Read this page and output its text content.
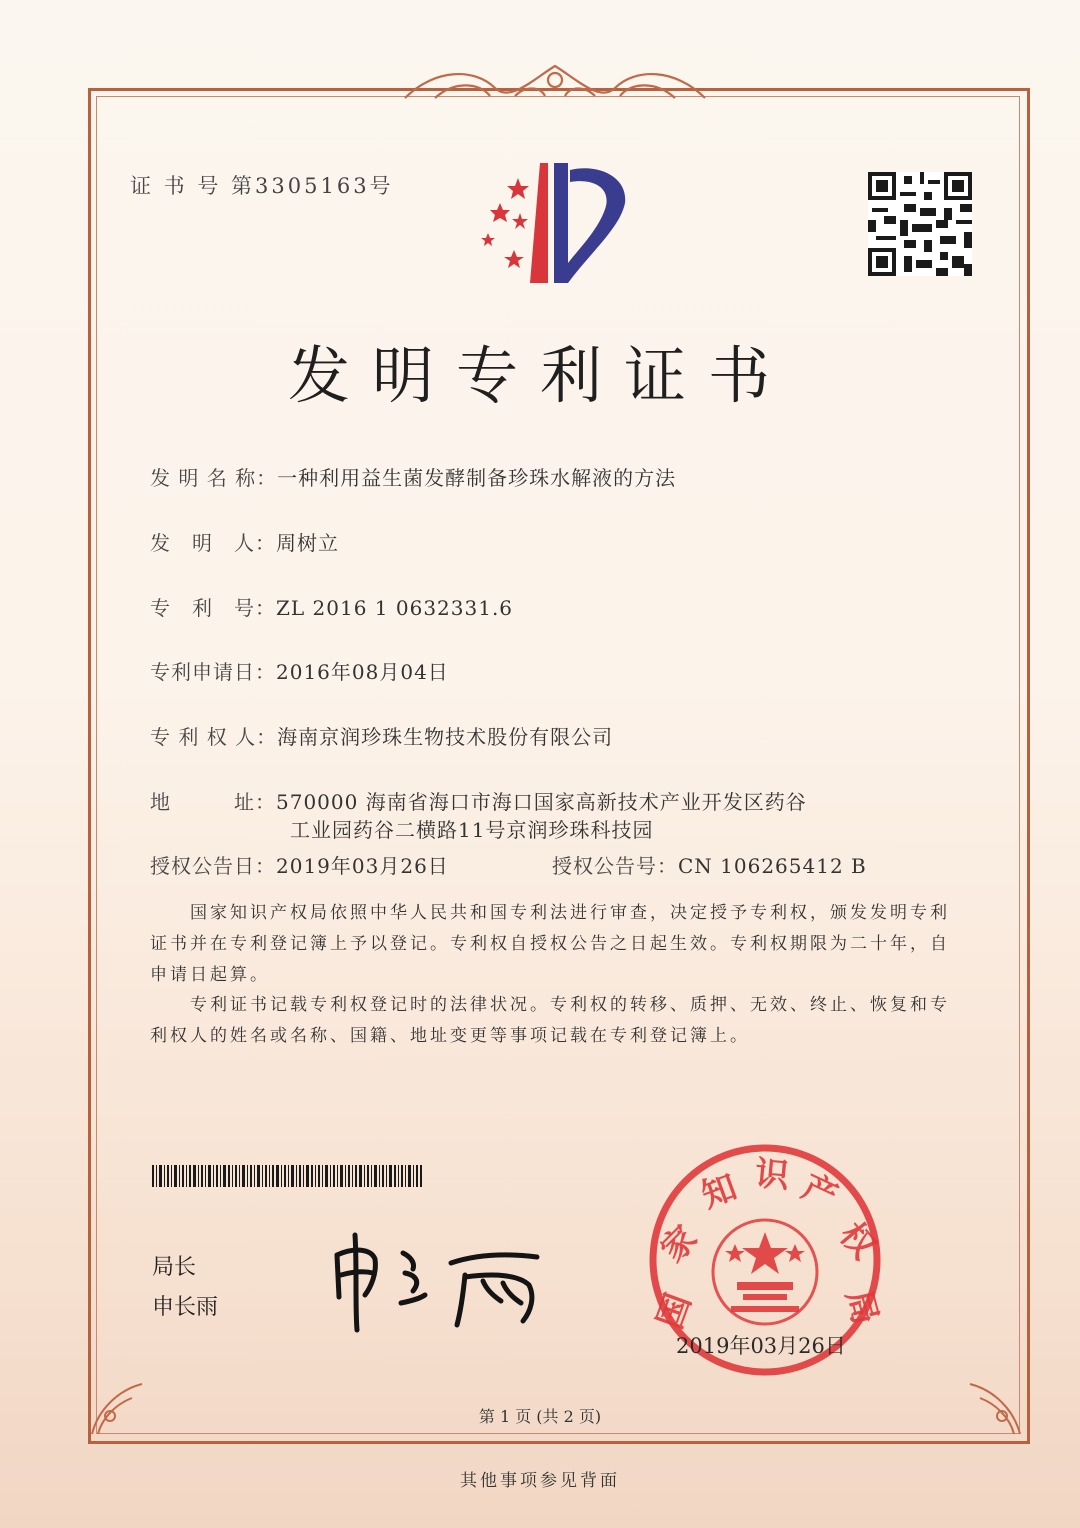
证 书 号 第3305163号
发明专利证书
发 明 名 称：一种利用益生菌发酵制备珍珠水解液的方法
发　明　人：周树立
专　利　号：ZL 2016 1 0632331.6
专利申请日：2016年08月04日
专 利 权 人：海南京润珍珠生物技术股份有限公司
地　　　址：570000 海南省海口市海口国家高新技术产业开发区药谷
工业园药谷二横路11号京润珍珠科技园
授权公告日：2019年03月26日	授权公告号：CN 106265412 B
国家知识产权局依照中华人民共和国专利法进行审查，决定授予专利权，颁发发明专利证书并在专利登记簿上予以登记。专利权自授权公告之日起生效。专利权期限为二十年，自申请日起算。
专利证书记载专利权登记时的法律状况。专利权的转移、质押、无效、终止、恢复和专利权人的姓名或名称、国籍、地址变更等事项记载在专利登记簿上。
局长
申长雨	国
家
知 识 产
权
局
2019年03月26日
第 1 页 (共 2 页)
其他事项参见背面
